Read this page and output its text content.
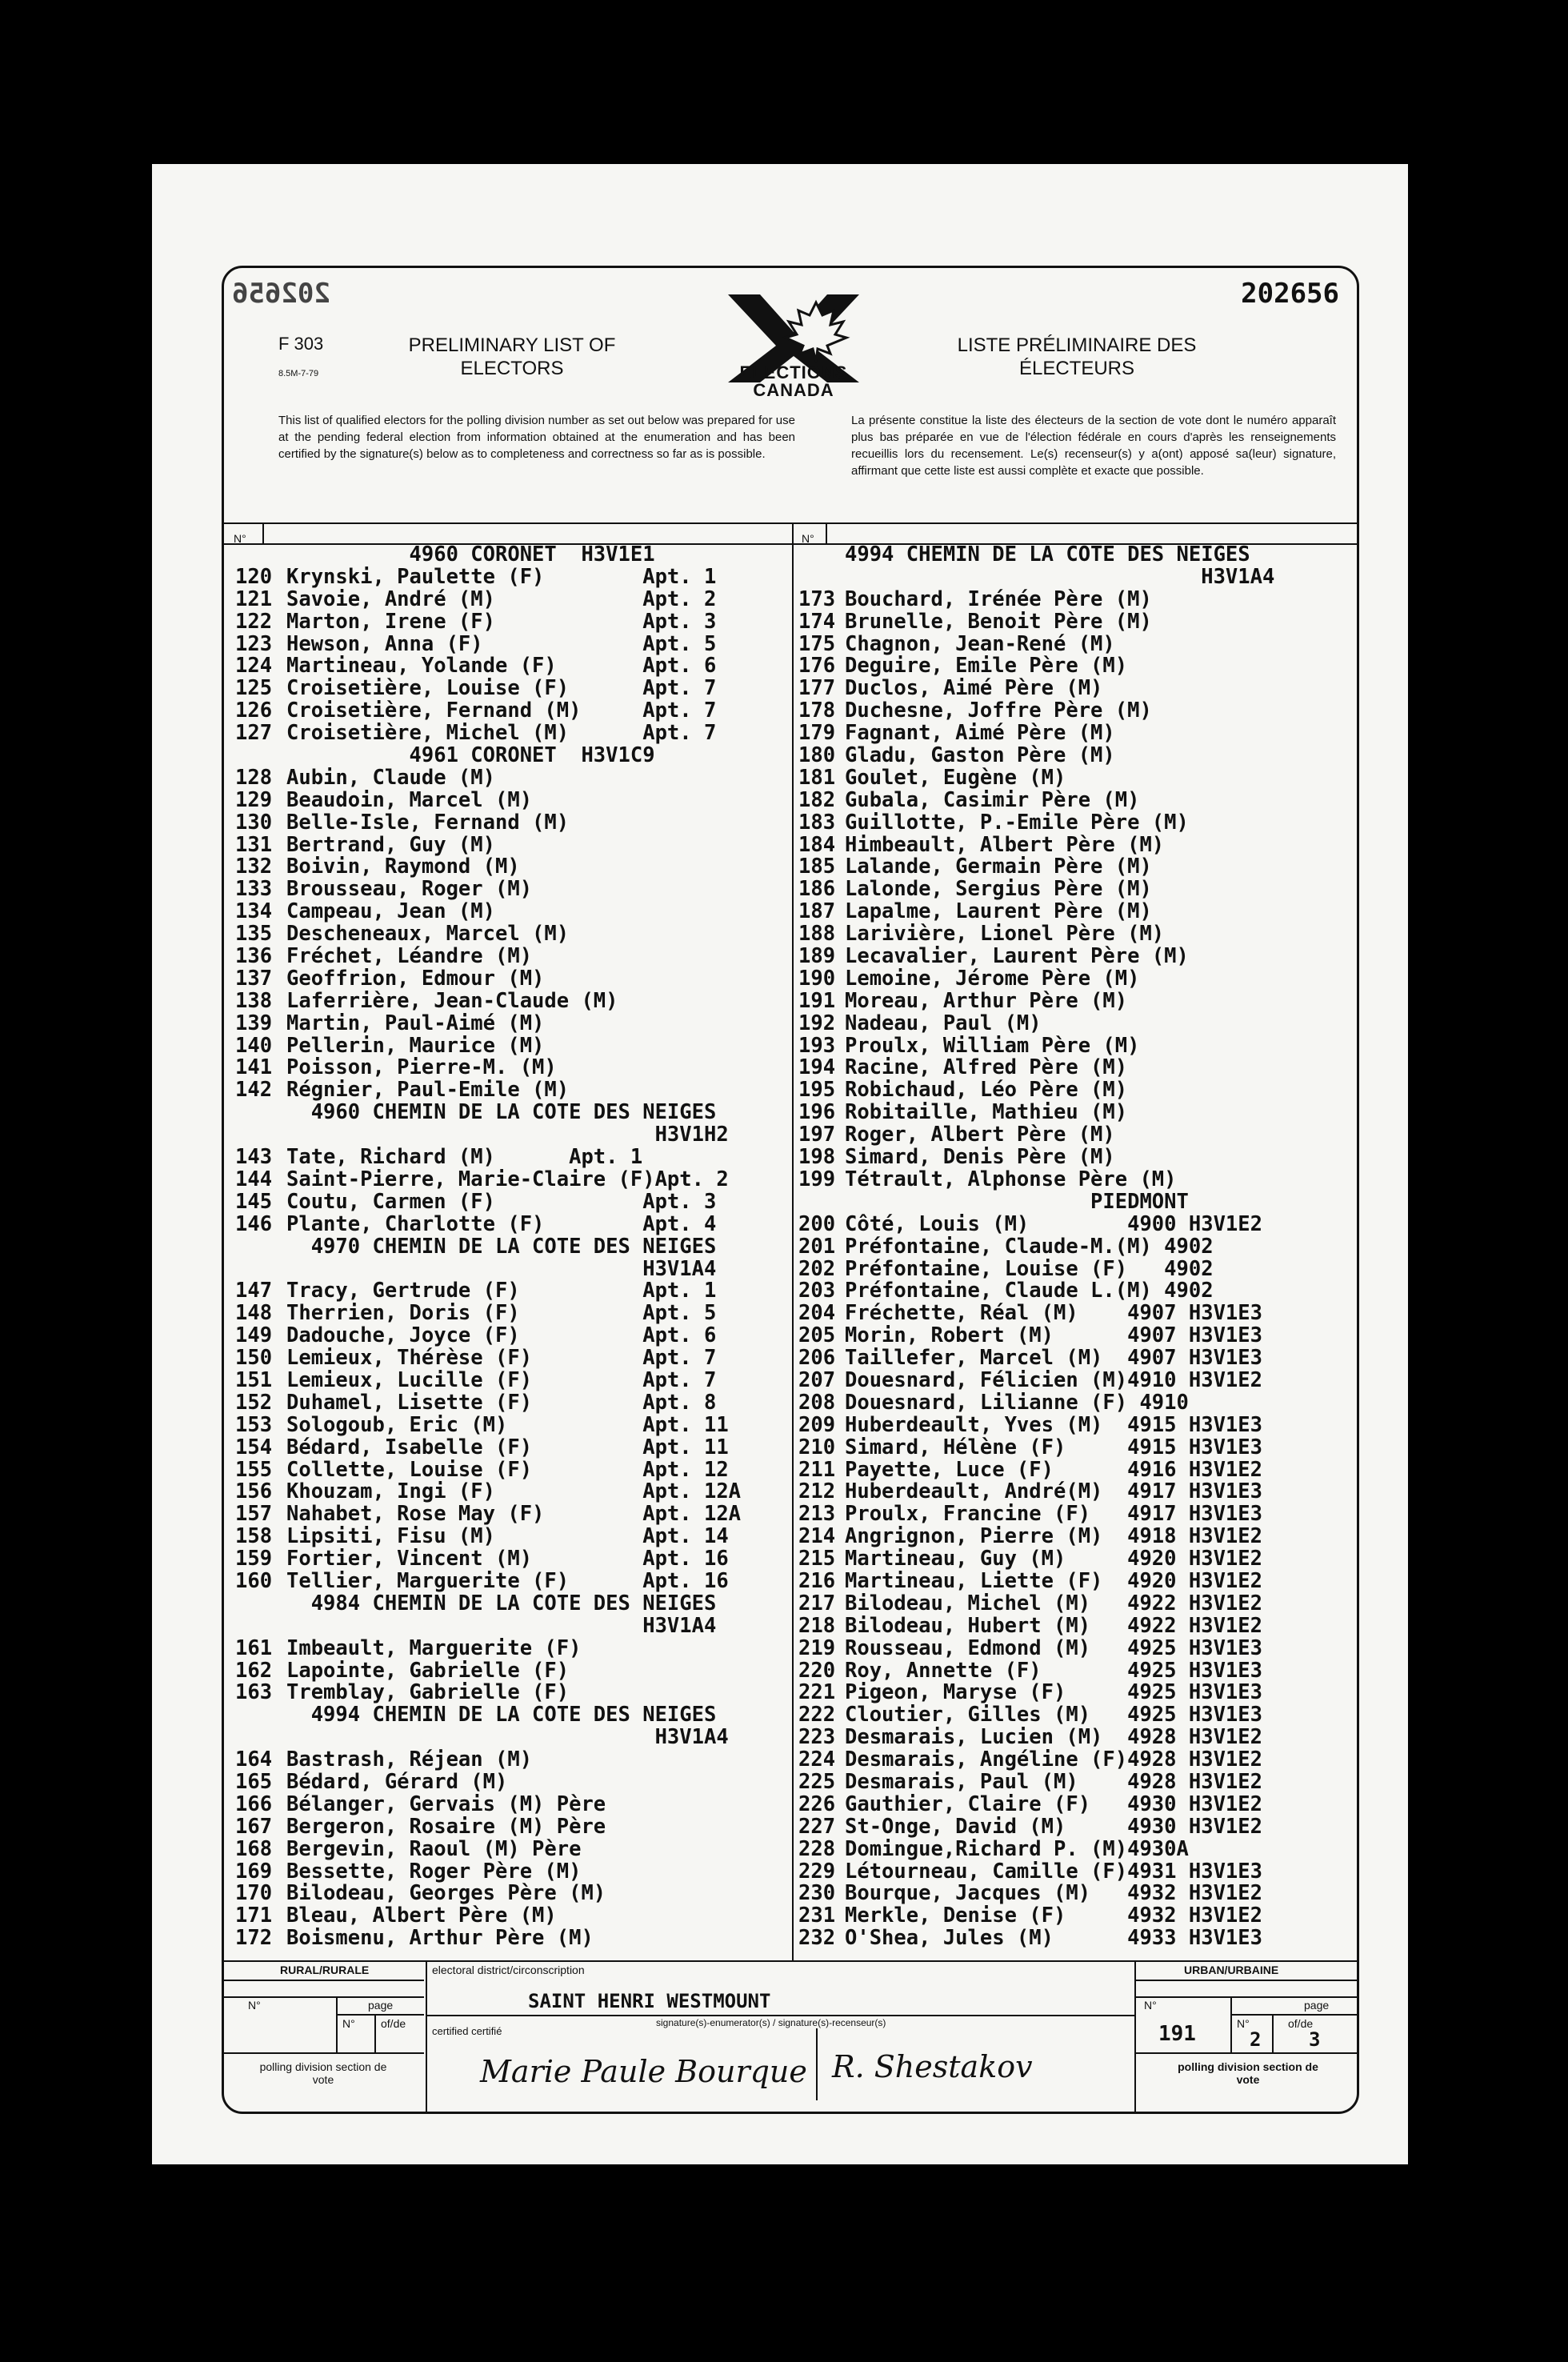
202656	202656
F 303
8.5M-7-79
PRELIMINARY LIST OF ELECTORS
LISTE PRÉLIMINAIRE DES ÉLECTEURS
ELECTIONS CANADA
This list of qualified electors for the polling division number as set out below was prepared for use at the pending federal election from information obtained at the enumeration and has been certified by the signature(s) below as to completeness and correctness so far as is possible.
La présente constitue la liste des électeurs de la section de vote dont le numéro apparaît plus bas préparée en vue de l'élection fédérale en cours d'après les renseignements recueillis lors du recensement. Le(s) recenseur(s) y a(ont) apposé sa(leur) signature, affirmant que cette liste est aussi complète et exacte que possible.
N°	N°
4960 CORONET  H3V1E1
120 Krynski, Paulette (F)        Apt. 1
121 Savoie, André (M)            Apt. 2
122 Marton, Irene (F)            Apt. 3
123 Hewson, Anna (F)             Apt. 5
124 Martineau, Yolande (F)       Apt. 6
125 Croisetière, Louise (F)      Apt. 7
126 Croisetière, Fernand (M)     Apt. 7
127 Croisetière, Michel (M)      Apt. 7
4961 CORONET  H3V1C9
128 Aubin, Claude (M)
129 Beaudoin, Marcel (M)
130 Belle-Isle, Fernand (M)
131 Bertrand, Guy (M)
132 Boivin, Raymond (M)
133 Brousseau, Roger (M)
134 Campeau, Jean (M)
135 Descheneaux, Marcel (M)
136 Fréchet, Léandre (M)
137 Geoffrion, Edmour (M)
138 Laferrière, Jean-Claude (M)
139 Martin, Paul-Aimé (M)
140 Pellerin, Maurice (M)
141 Poisson, Pierre-M. (M)
142 Régnier, Paul-Emile (M)
4960 CHEMIN DE LA COTE DES NEIGES
H3V1H2
143 Tate, Richard (M)      Apt. 1
144 Saint-Pierre, Marie-Claire (F)Apt. 2
145 Coutu, Carmen (F)            Apt. 3
146 Plante, Charlotte (F)        Apt. 4
4970 CHEMIN DE LA COTE DES NEIGES
H3V1A4
147 Tracy, Gertrude (F)          Apt. 1
148 Therrien, Doris (F)          Apt. 5
149 Dadouche, Joyce (F)          Apt. 6
150 Lemieux, Thérèse (F)         Apt. 7
151 Lemieux, Lucille (F)         Apt. 7
152 Duhamel, Lisette (F)         Apt. 8
153 Sologoub, Eric (M)           Apt. 11
154 Bédard, Isabelle (F)         Apt. 11
155 Collette, Louise (F)         Apt. 12
156 Khouzam, Ingi (F)            Apt. 12A
157 Nahabet, Rose May (F)        Apt. 12A
158 Lipsiti, Fisu (M)            Apt. 14
159 Fortier, Vincent (M)         Apt. 16
160 Tellier, Marguerite (F)      Apt. 16
4984 CHEMIN DE LA COTE DES NEIGES
H3V1A4
161 Imbeault, Marguerite (F)
162 Lapointe, Gabrielle (F)
163 Tremblay, Gabrielle (F)
4994 CHEMIN DE LA COTE DES NEIGES
H3V1A4
164 Bastrash, Réjean (M)
165 Bédard, Gérard (M)
166 Bélanger, Gervais (M) Père
167 Bergeron, Rosaire (M) Père
168 Bergevin, Raoul (M) Père
169 Bessette, Roger Père (M)
170 Bilodeau, Georges Père (M)
171 Bleau, Albert Père (M)
172 Boismenu, Arthur Père (M)
4994 CHEMIN DE LA COTE DES NEIGES
H3V1A4
173 Bouchard, Irénée Père (M)
174 Brunelle, Benoit Père (M)
175 Chagnon, Jean-René (M)
176 Deguire, Emile Père (M)
177 Duclos, Aimé Père (M)
178 Duchesne, Joffre Père (M)
179 Fagnant, Aimé Père (M)
180 Gladu, Gaston Père (M)
181 Goulet, Eugène (M)
182 Gubala, Casimir Père (M)
183 Guillotte, P.-Emile Père (M)
184 Himbeault, Albert Père (M)
185 Lalande, Germain Père (M)
186 Lalonde, Sergius Père (M)
187 Lapalme, Laurent Père (M)
188 Larivière, Lionel Père (M)
189 Lecavalier, Laurent Père (M)
190 Lemoine, Jérome Père (M)
191 Moreau, Arthur Père (M)
192 Nadeau, Paul (M)
193 Proulx, William Père (M)
194 Racine, Alfred Père (M)
195 Robichaud, Léo Père (M)
196 Robitaille, Mathieu (M)
197 Roger, Albert Père (M)
198 Simard, Denis Père (M)
199 Tétrault, Alphonse Père (M)
PIEDMONT
200 Côté, Louis (M)        4900 H3V1E2
201 Préfontaine, Claude-M.(M) 4902
202 Préfontaine, Louise (F)   4902
203 Préfontaine, Claude L.(M) 4902
204 Fréchette, Réal (M)    4907 H3V1E3
205 Morin, Robert (M)      4907 H3V1E3
206 Taillefer, Marcel (M)  4907 H3V1E3
207 Douesnard, Félicien (M)4910 H3V1E2
208 Douesnard, Lilianne (F) 4910
209 Huberdeault, Yves (M)  4915 H3V1E3
210 Simard, Hélène (F)     4915 H3V1E3
211 Payette, Luce (F)      4916 H3V1E2
212 Huberdeault, André(M)  4917 H3V1E3
213 Proulx, Francine (F)   4917 H3V1E3
214 Angrignon, Pierre (M)  4918 H3V1E2
215 Martineau, Guy (M)     4920 H3V1E2
216 Martineau, Liette (F)  4920 H3V1E2
217 Bilodeau, Michel (M)   4922 H3V1E2
218 Bilodeau, Hubert (M)   4922 H3V1E2
219 Rousseau, Edmond (M)   4925 H3V1E3
220 Roy, Annette (F)       4925 H3V1E3
221 Pigeon, Maryse (F)     4925 H3V1E3
222 Cloutier, Gilles (M)   4925 H3V1E3
223 Desmarais, Lucien (M)  4928 H3V1E2
224 Desmarais, Angéline (F)4928 H3V1E2
225 Desmarais, Paul (M)    4928 H3V1E2
226 Gauthier, Claire (F)   4930 H3V1E2
227 St-Onge, David (M)     4930 H3V1E2
228 Domingue,Richard P. (M)4930A
229 Létourneau, Camille (F)4931 H3V1E3
230 Bourque, Jacques (M)   4932 H3V1E2
231 Merkle, Denise (F)     4932 H3V1E2
232 O'Shea, Jules (M)      4933 H3V1E3
RURAL/RURALE
N°	page
N° of/de
polling division section de vote
electoral district/circonscription
SAINT HENRI WESTMOUNT
signature(s)-enumerator(s) / signature(s)-recenseur(s)
certified certifié
Marie Paule Bourque R. Shestakov
URBAN/URBAINE
N°	page
191	N°	of/de
2 3
polling division section de vote
